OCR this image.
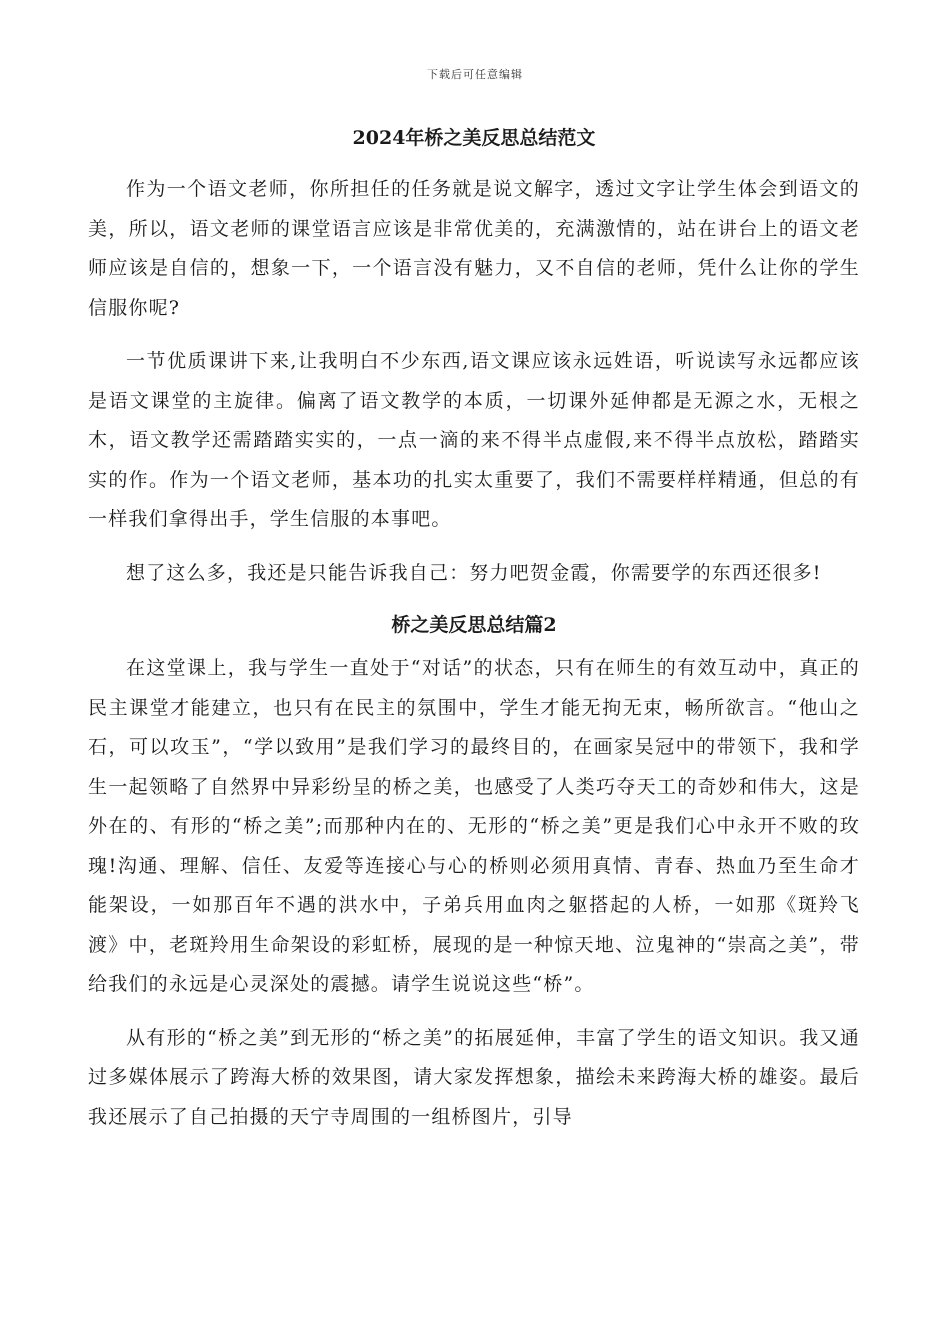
下载后可任意编辑
2024年桥之美反思总结范文

作为一个语文老师，你所担任的任务就是说文解字，透过文字让学生体会到语文的美，所以，语文老师的课堂语言应该是非常优美的，充满激情的，站在讲台上的语文老师应该是自信的，想象一下，一个语言没有魅力，又不自信的老师，凭什么让你的学生信服你呢?

一节优质课讲下来,让我明白不少东西,语文课应该永远姓语，听说读写永远都应该是语文课堂的主旋律。偏离了语文教学的本质，一切课外延伸都是无源之水，无根之木，语文教学还需踏踏实实的，一点一滴的来不得半点虚假,来不得半点放松，踏踏实实的作。作为一个语文老师，基本功的扎实太重要了，我们不需要样样精通，但总的有一样我们拿得出手，学生信服的本事吧。

想了这么多，我还是只能告诉我自己：努力吧贺金霞，你需要学的东西还很多!

桥之美反思总结篇2

在这堂课上，我与学生一直处于“对话”的状态，只有在师生的有效互动中，真正的民主课堂才能建立，也只有在民主的氛围中，学生才能无拘无束，畅所欲言。“他山之石，可以攻玉”，“学以致用”是我们学习的最终目的，在画家吴冠中的带领下，我和学生一起领略了自然界中异彩纷呈的桥之美，也感受了人类巧夺天工的奇妙和伟大，这是外在的、有形的“桥之美”;而那种内在的、无形的“桥之美”更是我们心中永开不败的玫瑰!沟通、理解、信任、友爱等连接心与心的桥则必须用真情、青春、热血乃至生命才能架设，一如那百年不遇的洪水中，子弟兵用血肉之躯搭起的人桥，一如那《斑羚飞渡》中，老斑羚用生命架设的彩虹桥，展现的是一种惊天地、泣鬼神的“崇高之美”，带给我们的永远是心灵深处的震撼。请学生说说这些“桥”。

从有形的“桥之美”到无形的“桥之美”的拓展延伸，丰富了学生的语文知识。我又通过多媒体展示了跨海大桥的效果图，请大家发挥想象，描绘未来跨海大桥的雄姿。最后我还展示了自己拍摄的天宁寺周围的一组桥图片，引导
